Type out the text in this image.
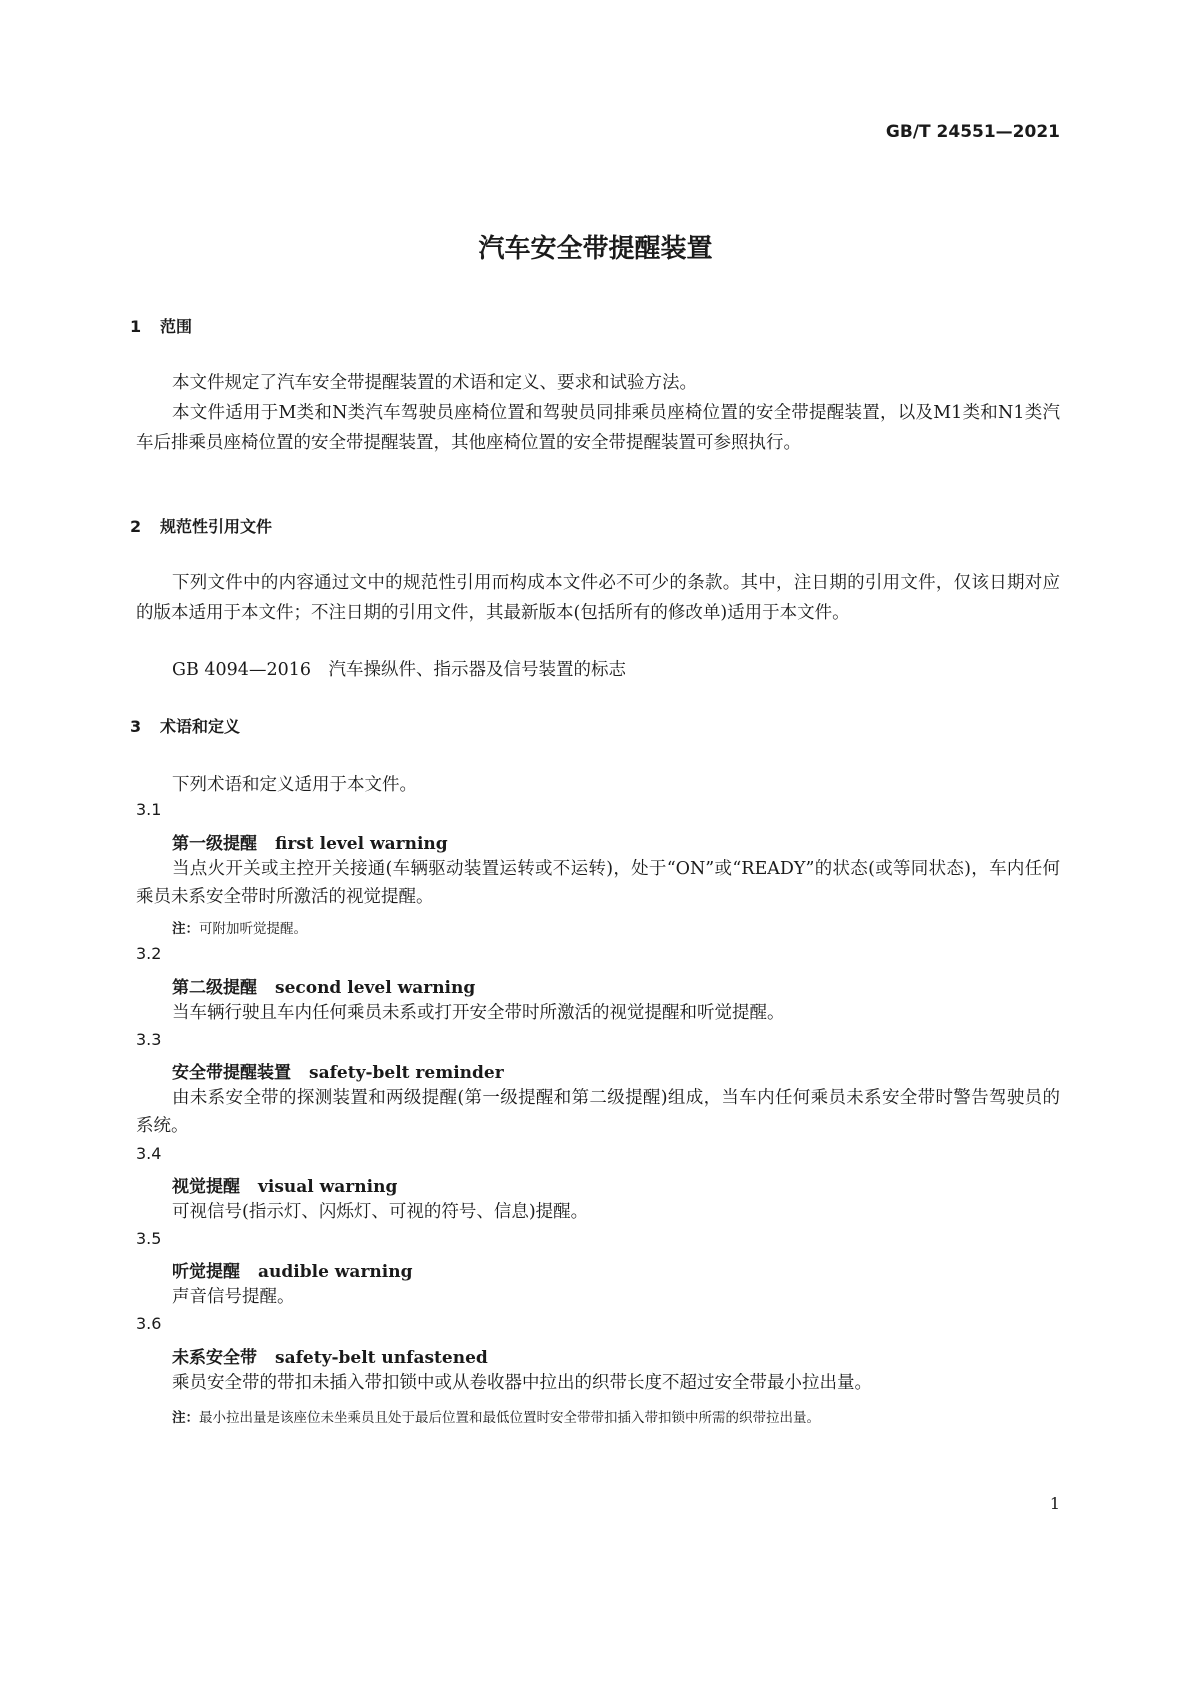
GB/T 24551—2021
汽车安全带提醒装置
1 范围
本文件规定了汽车安全带提醒装置的术语和定义、要求和试验方法。
本文件适用于M类和N类汽车驾驶员座椅位置和驾驶员同排乘员座椅位置的安全带提醒装置，以及M1类和N1类汽车后排乘员座椅位置的安全带提醒装置，其他座椅位置的安全带提醒装置可参照执行。
2 规范性引用文件
下列文件中的内容通过文中的规范性引用而构成本文件必不可少的条款。其中，注日期的引用文件，仅该日期对应的版本适用于本文件；不注日期的引用文件，其最新版本(包括所有的修改单)适用于本文件。
GB 4094—2016　汽车操纵件、指示器及信号装置的标志
3 术语和定义
下列术语和定义适用于本文件。
3.1
第一级提醒 first level warning
当点火开关或主控开关接通(车辆驱动装置运转或不运转)，处于“ON”或“READY”的状态(或等同状态)，车内任何乘员未系安全带时所激活的视觉提醒。
注：可附加听觉提醒。
3.2
第二级提醒 second level warning
当车辆行驶且车内任何乘员未系或打开安全带时所激活的视觉提醒和听觉提醒。
3.3
安全带提醒装置 safety-belt reminder
由未系安全带的探测装置和两级提醒(第一级提醒和第二级提醒)组成，当车内任何乘员未系安全带时警告驾驶员的系统。
3.4
视觉提醒 visual warning
可视信号(指示灯、闪烁灯、可视的符号、信息)提醒。
3.5
听觉提醒 audible warning
声音信号提醒。
3.6
未系安全带 safety-belt unfastened
乘员安全带的带扣未插入带扣锁中或从卷收器中拉出的织带长度不超过安全带最小拉出量。
注：最小拉出量是该座位未坐乘员且处于最后位置和最低位置时安全带带扣插入带扣锁中所需的织带拉出量。
1
